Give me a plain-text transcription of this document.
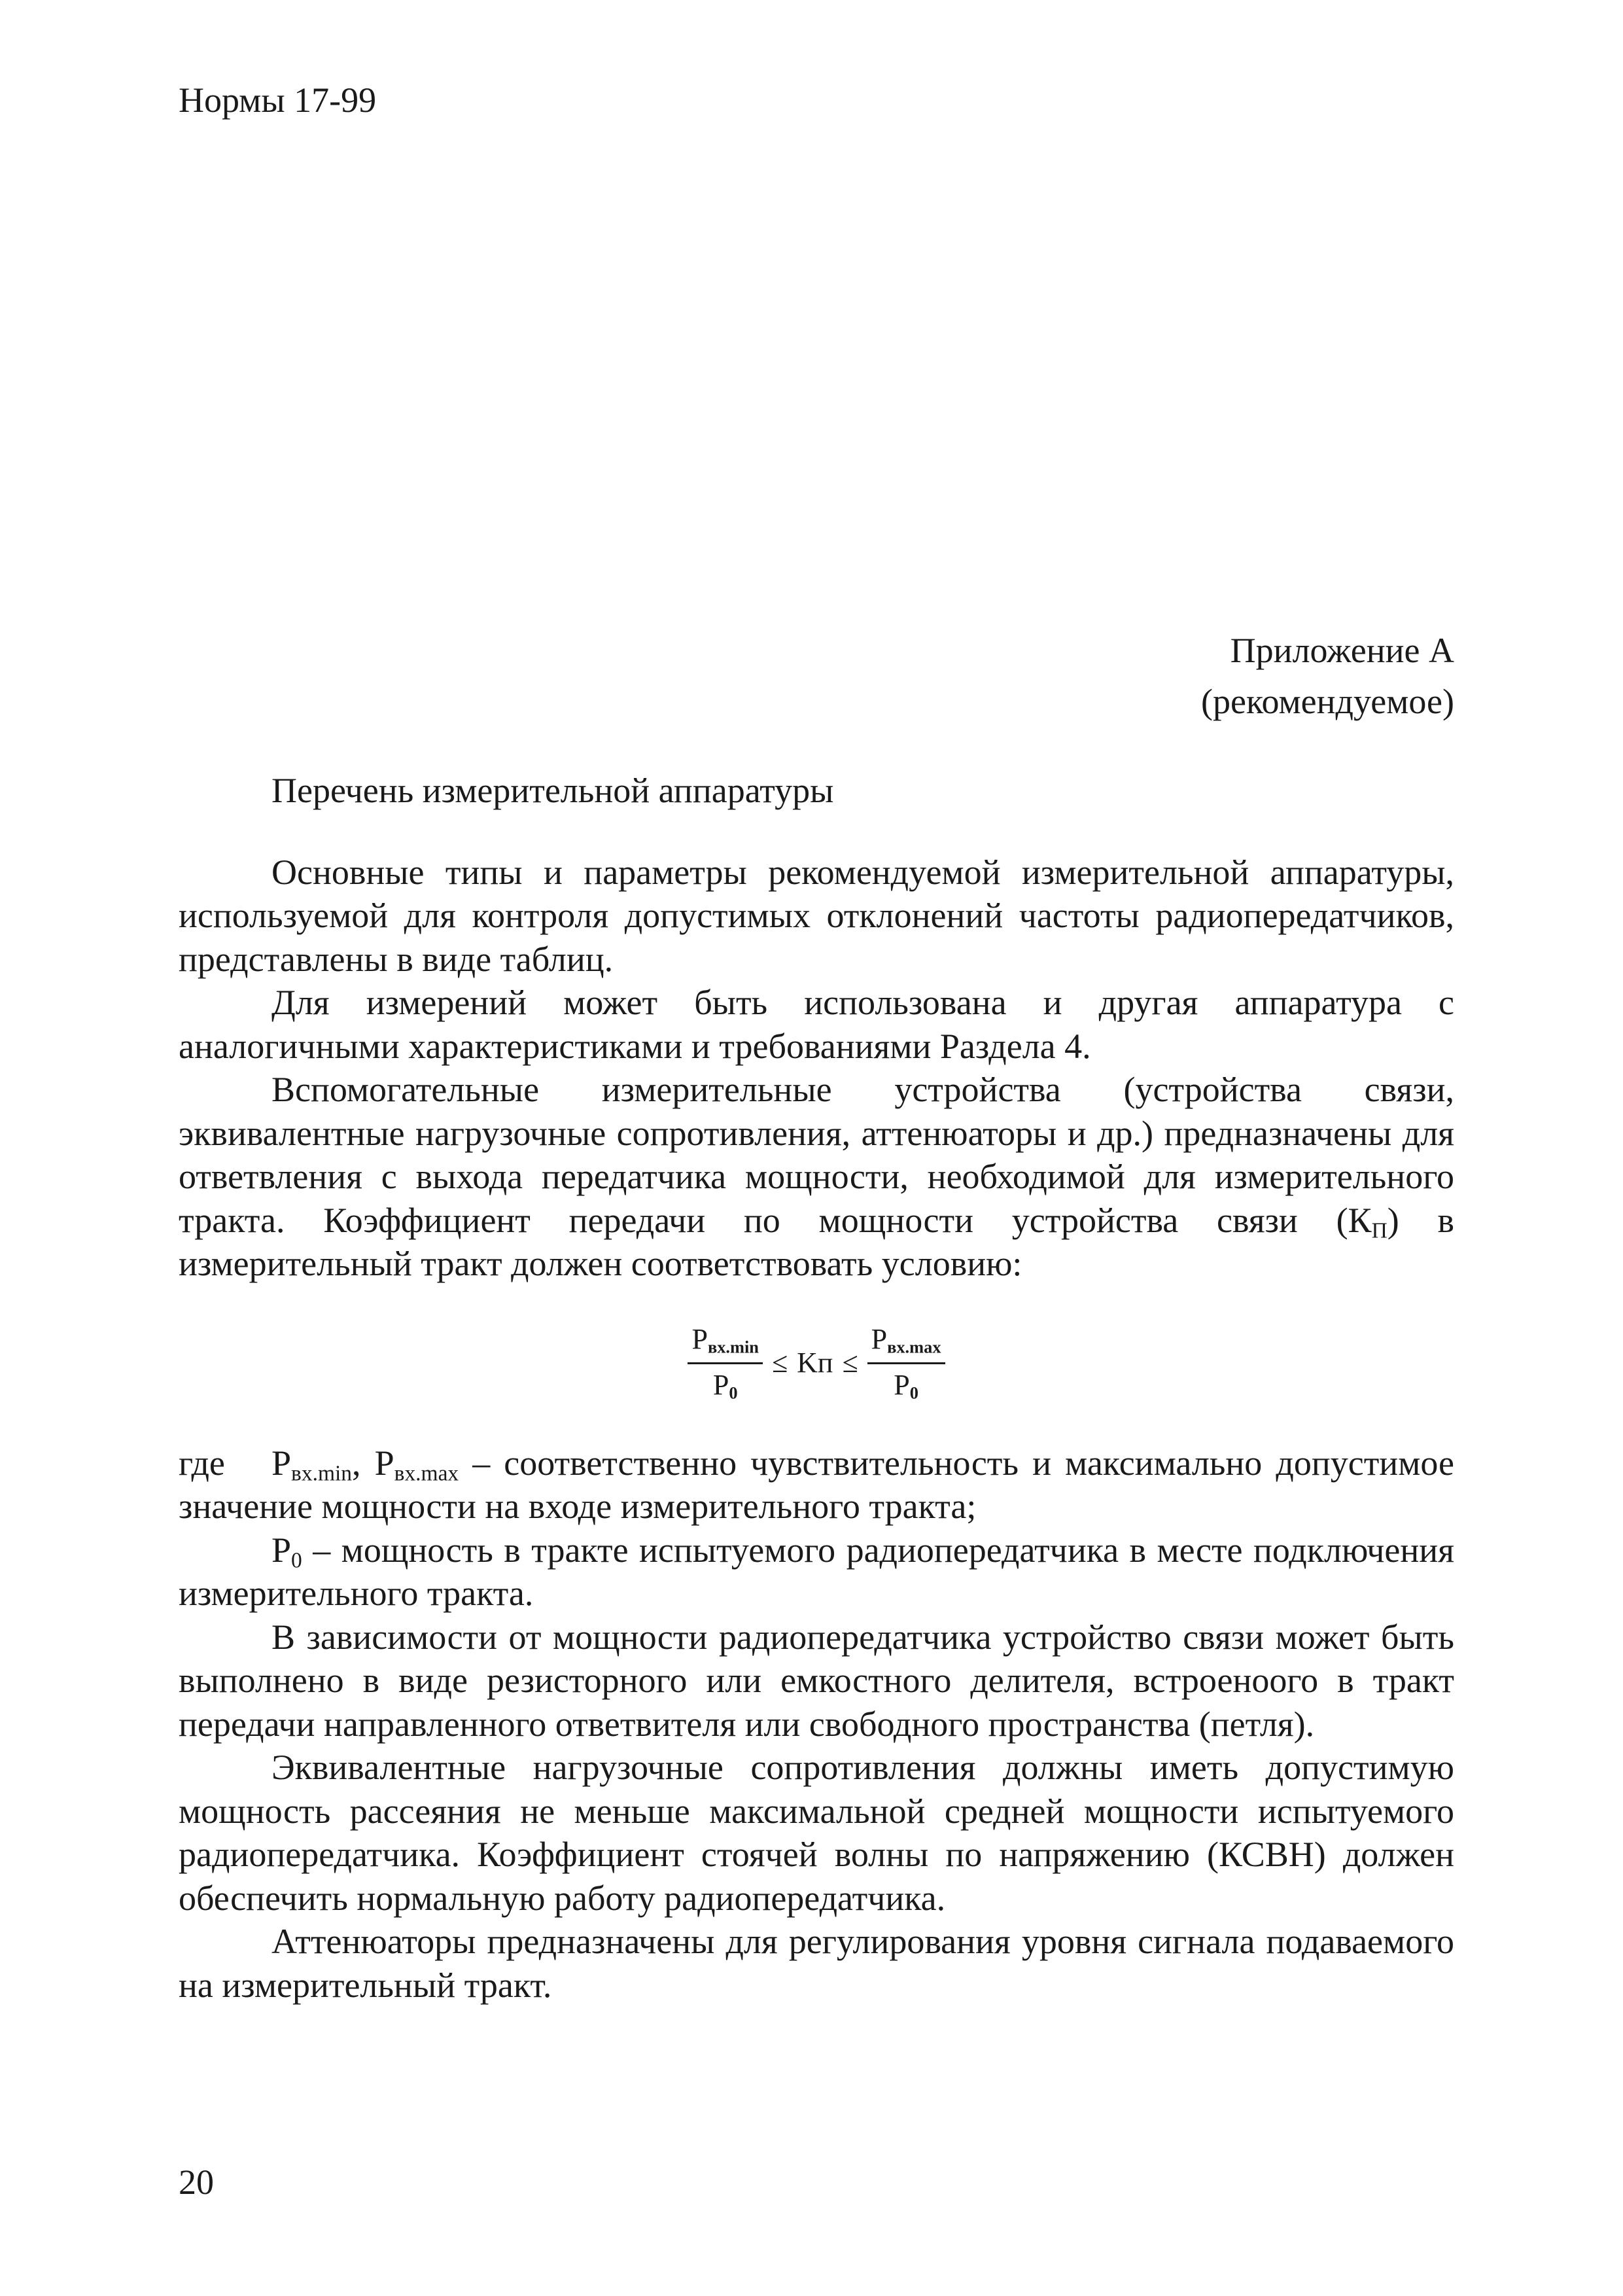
Нормы 17-99
Приложение А
(рекомендуемое)

Перечень измерительной аппаратуры

Основные типы и параметры рекомендуемой измерительной аппаратуры, используемой для контроля допустимых отклонений частоты радиопередатчиков, представлены в виде таблиц.

Для измерений может быть использована и другая аппаратура с аналогичными характеристиками и требованиями Раздела 4.

Вспомогательные измерительные устройства (устройства связи, эквивалентные нагрузочные сопротивления, аттенюаторы и др.) предназначены для ответвления с выхода передатчика мощности, необходимой для измерительного тракта. Коэффициент передачи по мощности устройства связи $(К_П)$ в измерительный тракт должен соответствовать условию:

$\frac{\text{Pвх.min}}{P0}$ ≤ Kп ≤ $\frac{\text{Pвх.max}}{P0}$

где $P_{вх.min}$, $P_{вх.max}$ – соответственно чувствительность и максимально допустимое значение мощности на входе измерительного тракта;

$P_0$ – мощность в тракте испытуемого радиопередатчика в месте подключения измерительного тракта.

В зависимости от мощности радиопередатчика устройство связи может быть выполнено в виде резисторного или емкостного делителя, встроеноого в тракт передачи направленного ответвителя или свободного пространства (петля).

Эквивалентные нагрузочные сопротивления должны иметь допустимую мощность рассеяния не меньше максимальной средней мощности испытуемого радиопередатчика. Коэффициент стоячей волны по напряжению (КСВН) должен обеспечить нормальную работу радиопередатчика.

Аттенюаторы предназначены для регулирования уровня сигнала подаваемого на измерительный тракт.

20
